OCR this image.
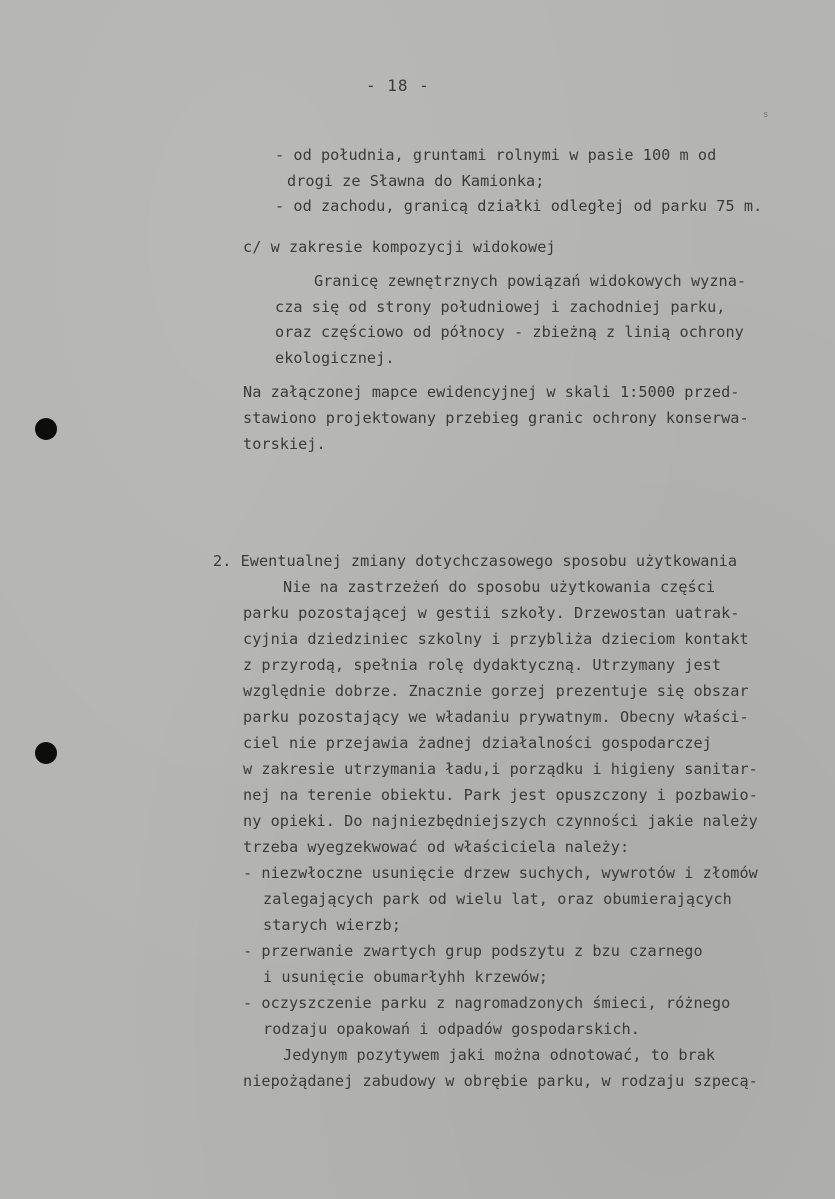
s
- 18 -
- od południa, gruntami rolnymi w pasie 100 m od
drogi ze Sławna do Kamionka;
- od zachodu, granicą działki odległej od parku 75 m.
c/ w zakresie kompozycji widokowej
Granicę zewnętrznych powiązań widokowych wyzna-
cza się od strony południowej i zachodniej parku,
oraz częściowo od północy - zbieżną z linią ochrony
ekologicznej.
Na załączonej mapce ewidencyjnej w skali 1:5000 przed-
stawiono projektowany przebieg granic ochrony konserwa-
torskiej.
2. Ewentualnej zmiany dotychczasowego sposobu użytkowania
Nie na zastrzeżeń do sposobu użytkowania części
parku pozostającej w gestii szkoły. Drzewostan uatrak-
cyjnia dziedziniec szkolny i przybliża dzieciom kontakt
z przyrodą, spełnia rolę dydaktyczną. Utrzymany jest
względnie dobrze. Znacznie gorzej prezentuje się obszar
parku pozostający we władaniu prywatnym. Obecny właści-
ciel nie przejawia żadnej działalności gospodarczej
w zakresie utrzymania ładu,i porządku i higieny sanitar-
nej na terenie obiektu. Park jest opuszczony i pozbawio-
ny opieki. Do najniezbędniejszych czynności jakie należy
trzeba wyegzekwować od właściciela należy:
- niezwłoczne usunięcie drzew suchych, wywrotów i złomów
zalegających park od wielu lat, oraz obumierających
starych wierzb;
- przerwanie zwartych grup podszytu z bzu czarnego
i usunięcie obumarłyhh krzewów;
- oczyszczenie parku z nagromadzonych śmieci, różnego
rodzaju opakowań i odpadów gospodarskich.
Jedynym pozytywem jaki można odnotować, to brak
niepożądanej zabudowy w obrębie parku, w rodzaju szpecą-
